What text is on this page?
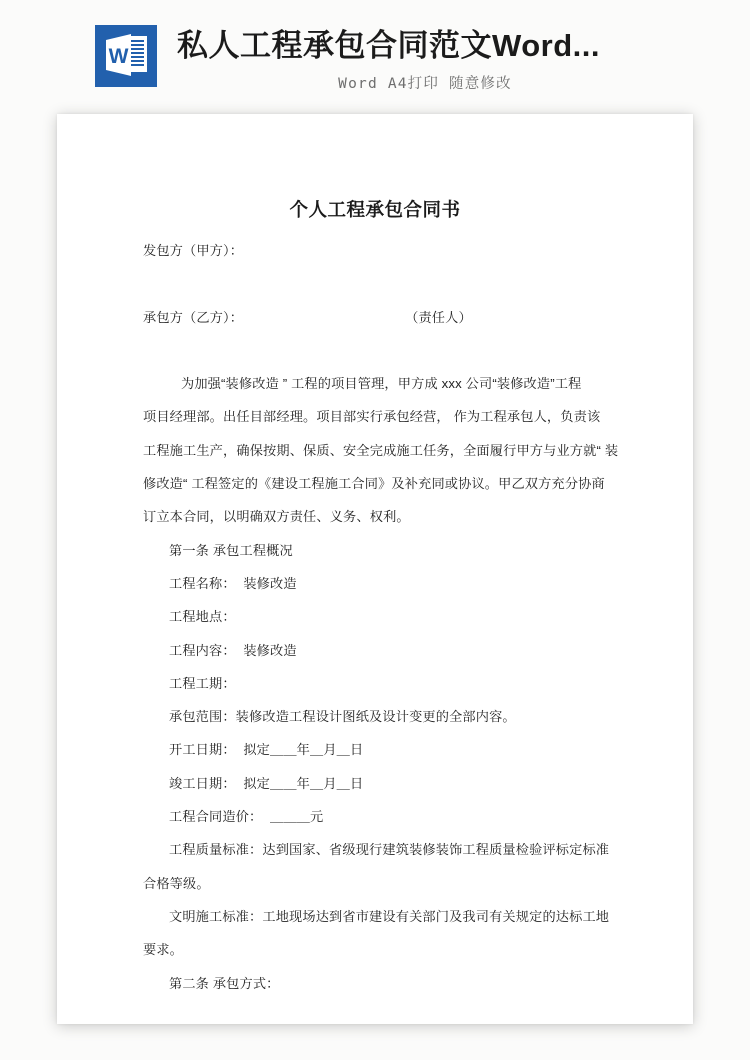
W 私人工程承包合同范文Word...
Word A4打印 随意修改
个人工程承包合同书
发包方（甲方）：
承包方（乙方）：	（责任人）
为加强“装修改造 ” 工程的项目管理，甲方成 xxx 公司“装修改造”工程
项目经理部。出任目部经理。项目部实行承包经营， 作为工程承包人，负责该
工程施工生产，确保按期、保质、安全完成施工任务，全面履行甲方与业方就“ 装
修改造“ 工程签定的《建设工程施工合同》及补充同或协议。甲乙双方充分协商
订立本合同，以明确双方责任、义务、权利。
第一条 承包工程概况
工程名称：  装修改造
工程地点：
工程内容：  装修改造
工程工期：
承包范围：装修改造工程设计图纸及设计变更的全部内容。
开工日期：  拟定＿＿年＿月＿日
竣工日期：  拟定＿＿年＿月＿日
工程合同造价：  ＿＿＿元
工程质量标准：达到国家、省级现行建筑装修装饰工程质量检验评标定标准
合格等级。
文明施工标准：工地现场达到省市建设有关部门及我司有关规定的达标工地
要求。
第二条 承包方式：
